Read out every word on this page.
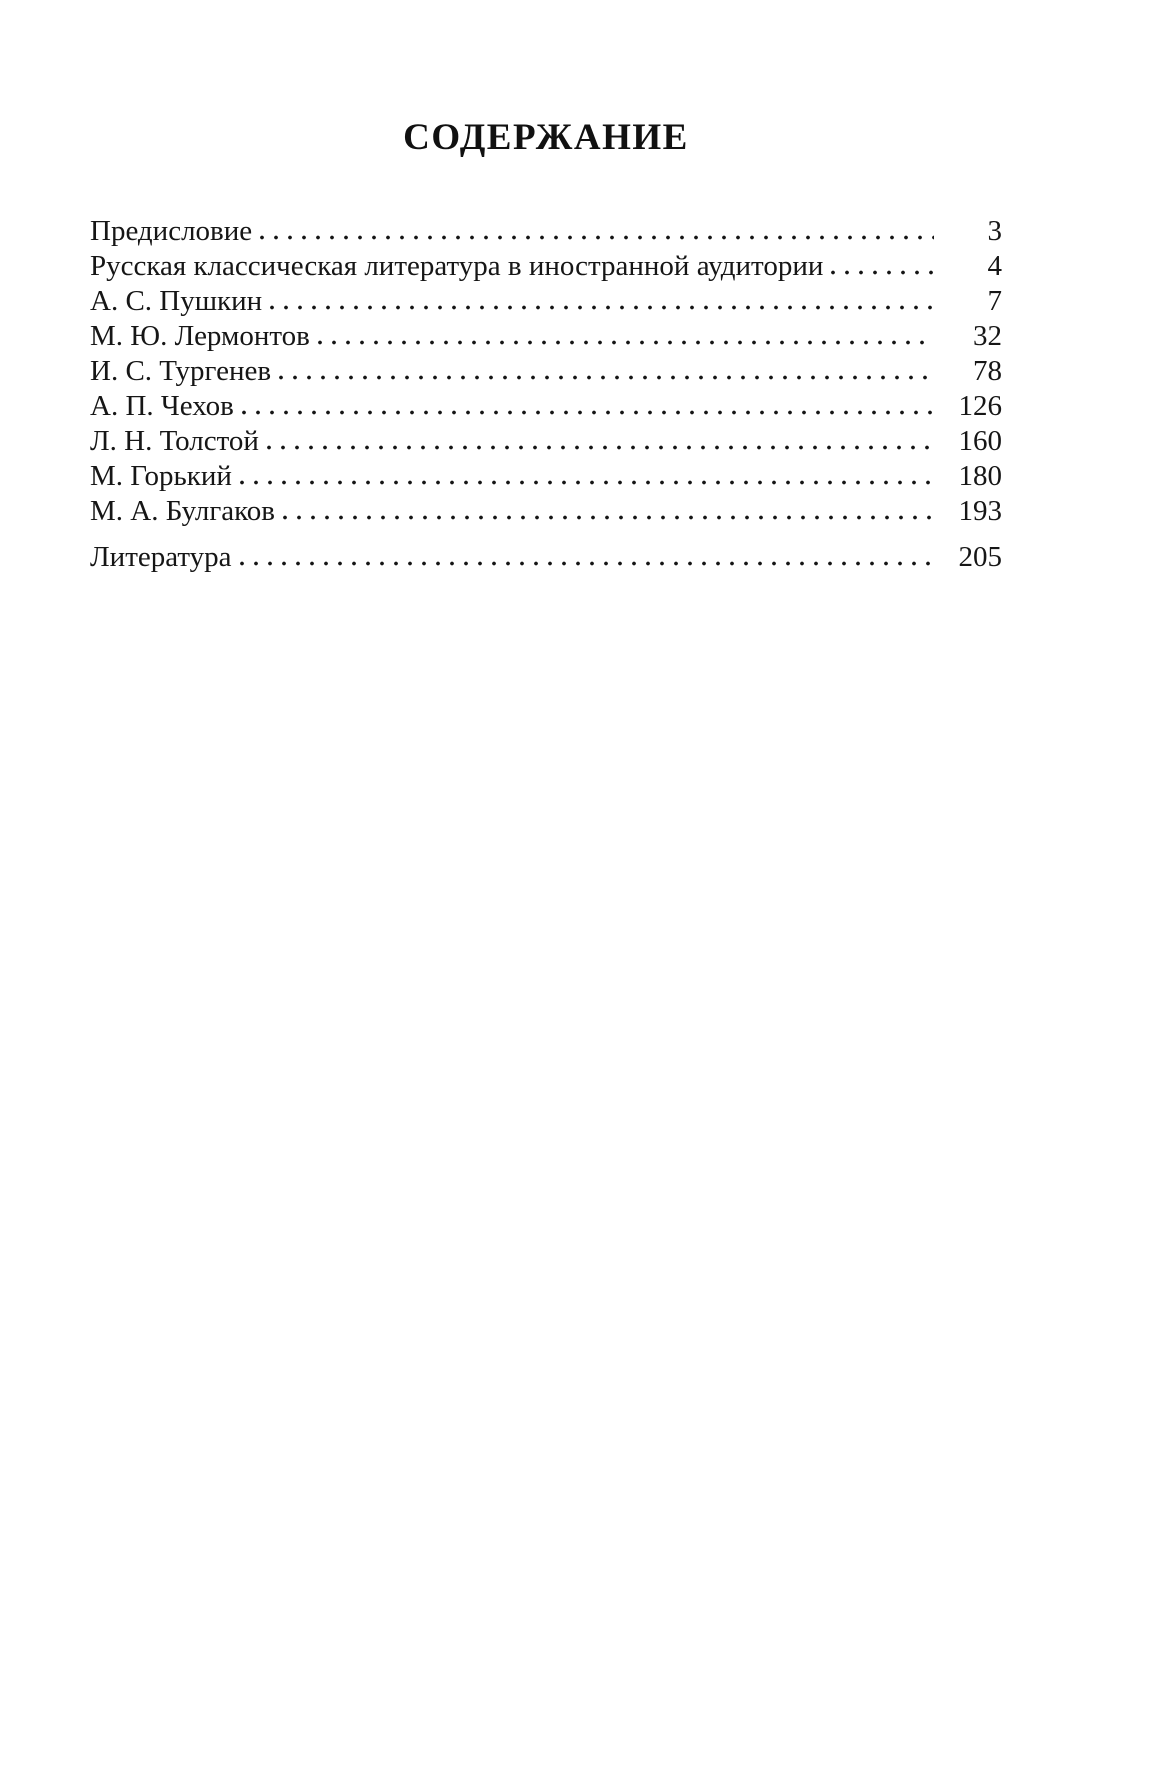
СОДЕРЖАНИЕ
Предисловие	3
Русская классическая литература в иностранной аудитории	4
А. С. Пушкин	7
М. Ю. Лермонтов	32
И. С. Тургенев	78
А. П. Чехов	126
Л. Н. Толстой	160
М. Горький	180
М. А. Булгаков	193
Литература	205
